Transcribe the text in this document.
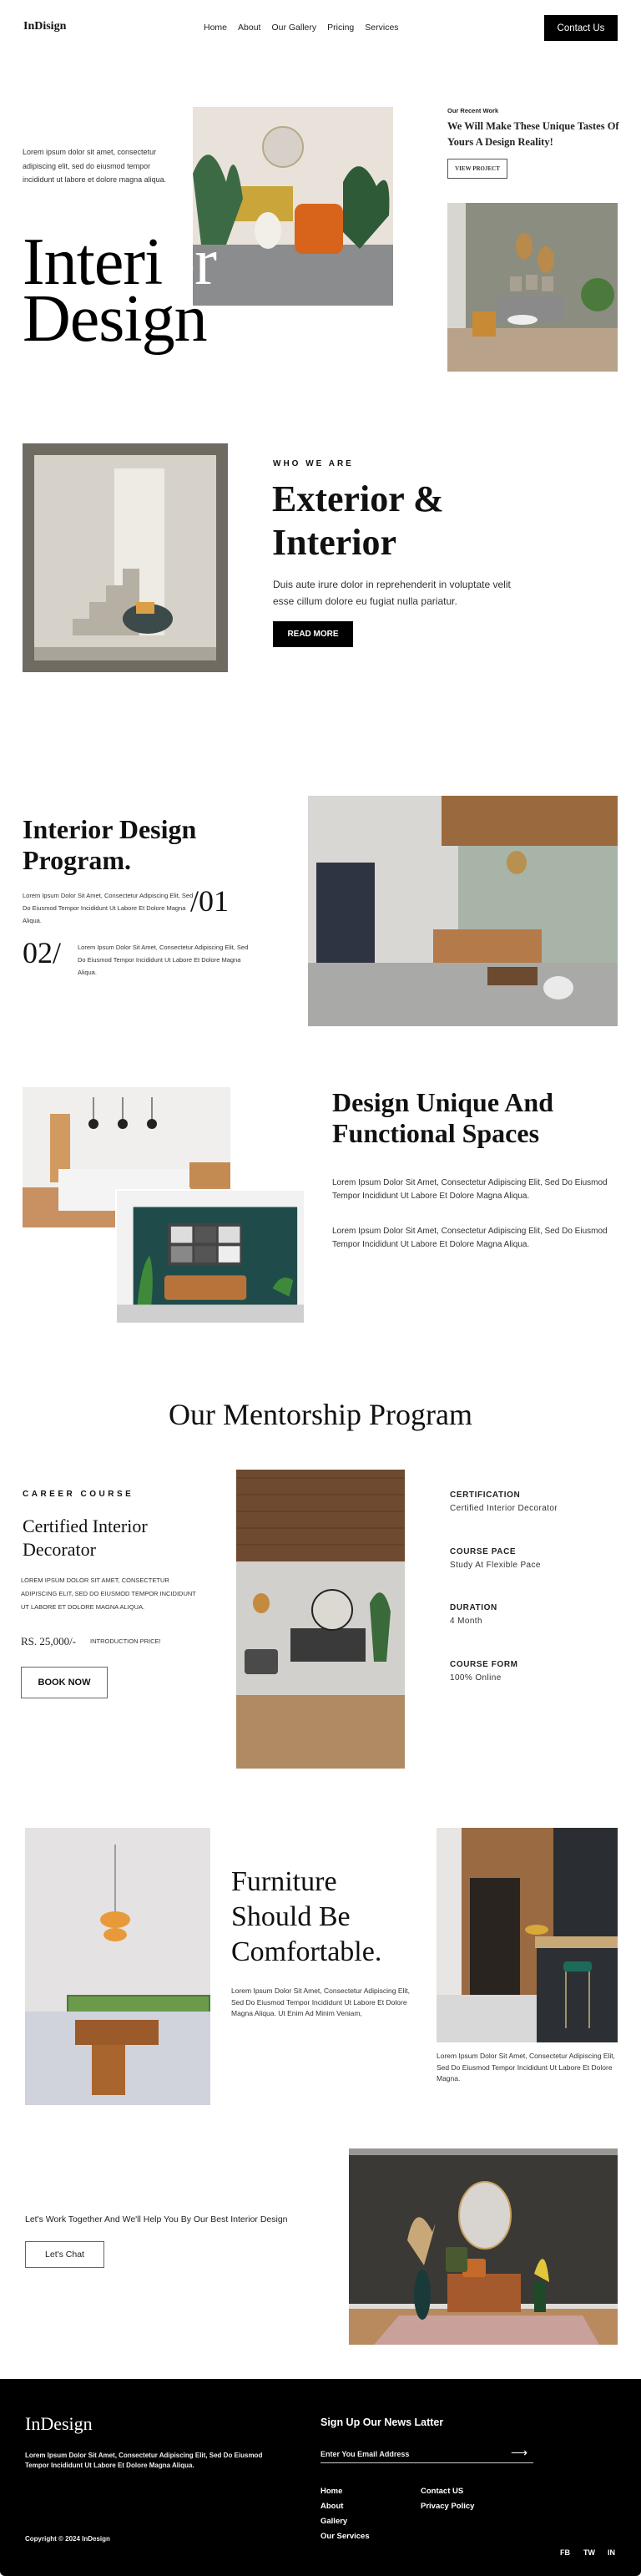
InDisign	Home About Our Gallery Pricing Services	Contact Us
Lorem ipsum dolor sit amet, consectetur adipiscing elit, sed do eiusmod tempor incididunt ut labore et dolore magna aliqua.
Interior
Design
Our Recent Work
We Will Make These Unique Tastes Of Yours A Design Reality!
VIEW PROJECT
WHO WE ARE
Exterior &
Interior
Duis aute irure dolor in reprehenderit in voluptate velit esse cillum dolore eu fugiat nulla pariatur.
READ MORE
Interior Design
Program.
Lorem Ipsum Dolor Sit Amet, Consectetur Adipiscing Elit, Sed Do Eiusmod Tempor Incididunt Ut Labore Et Dolore Magna Aliqua.
/01
02/	Lorem Ipsum Dolor Sit Amet, Consectetur Adipiscing Elit, Sed Do Eiusmod Tempor Incididunt Ut Labore Et Dolore Magna Aliqua.
Design Unique And
Functional Spaces
Lorem Ipsum Dolor Sit Amet, Consectetur Adipiscing Elit, Sed Do Eiusmod Tempor Incididunt Ut Labore Et Dolore Magna Aliqua.
Lorem Ipsum Dolor Sit Amet, Consectetur Adipiscing Elit, Sed Do Eiusmod Tempor Incididunt Ut Labore Et Dolore Magna Aliqua.
Our Mentorship Program
CAREER COURSE
Certified Interior Decorator
LOREM IPSUM DOLOR SIT AMET, CONSECTETUR ADIPISCING ELIT, SED DO EIUSMOD TEMPOR INCIDIDUNT UT LABORE ET DOLORE MAGNA ALIQUA.
RS. 25,000/- INTRODUCTION PRICE!
BOOK NOW
CERTIFICATION
Certified Interior Decorator
COURSE PACE
Study At Flexible Pace
DURATION
4 Month
COURSE FORM
100% Online
Furniture
Should Be
Comfortable.
Lorem Ipsum Dolor Sit Amet, Consectetur Adipiscing Elit, Sed Do Eiusmod Tempor Incididunt Ut Labore Et Dolore Magna Aliqua. Ut Enim Ad Minim Veniam,
Lorem Ipsum Dolor Sit Amet, Consectetur Adipiscing Elit, Sed Do Eiusmod Tempor Incididunt Ut Labore Et Dolore Magna.
Let's Work Together And We'll Help You By Our Best Interior Design
Let's Chat
InDesign
Lorem Ipsum Dolor Sit Amet, Consectetur Adipiscing Elit, Sed Do Eiusmod Tempor Incididunt Ut Labore Et Dolore Magna Aliqua.
Sign Up Our News Latter
Enter You Email Address
⟶
Home
About
Gallery
Our Services
Contact US
Privacy Policy
Copyright © 2024 InDesign
FB TW IN
